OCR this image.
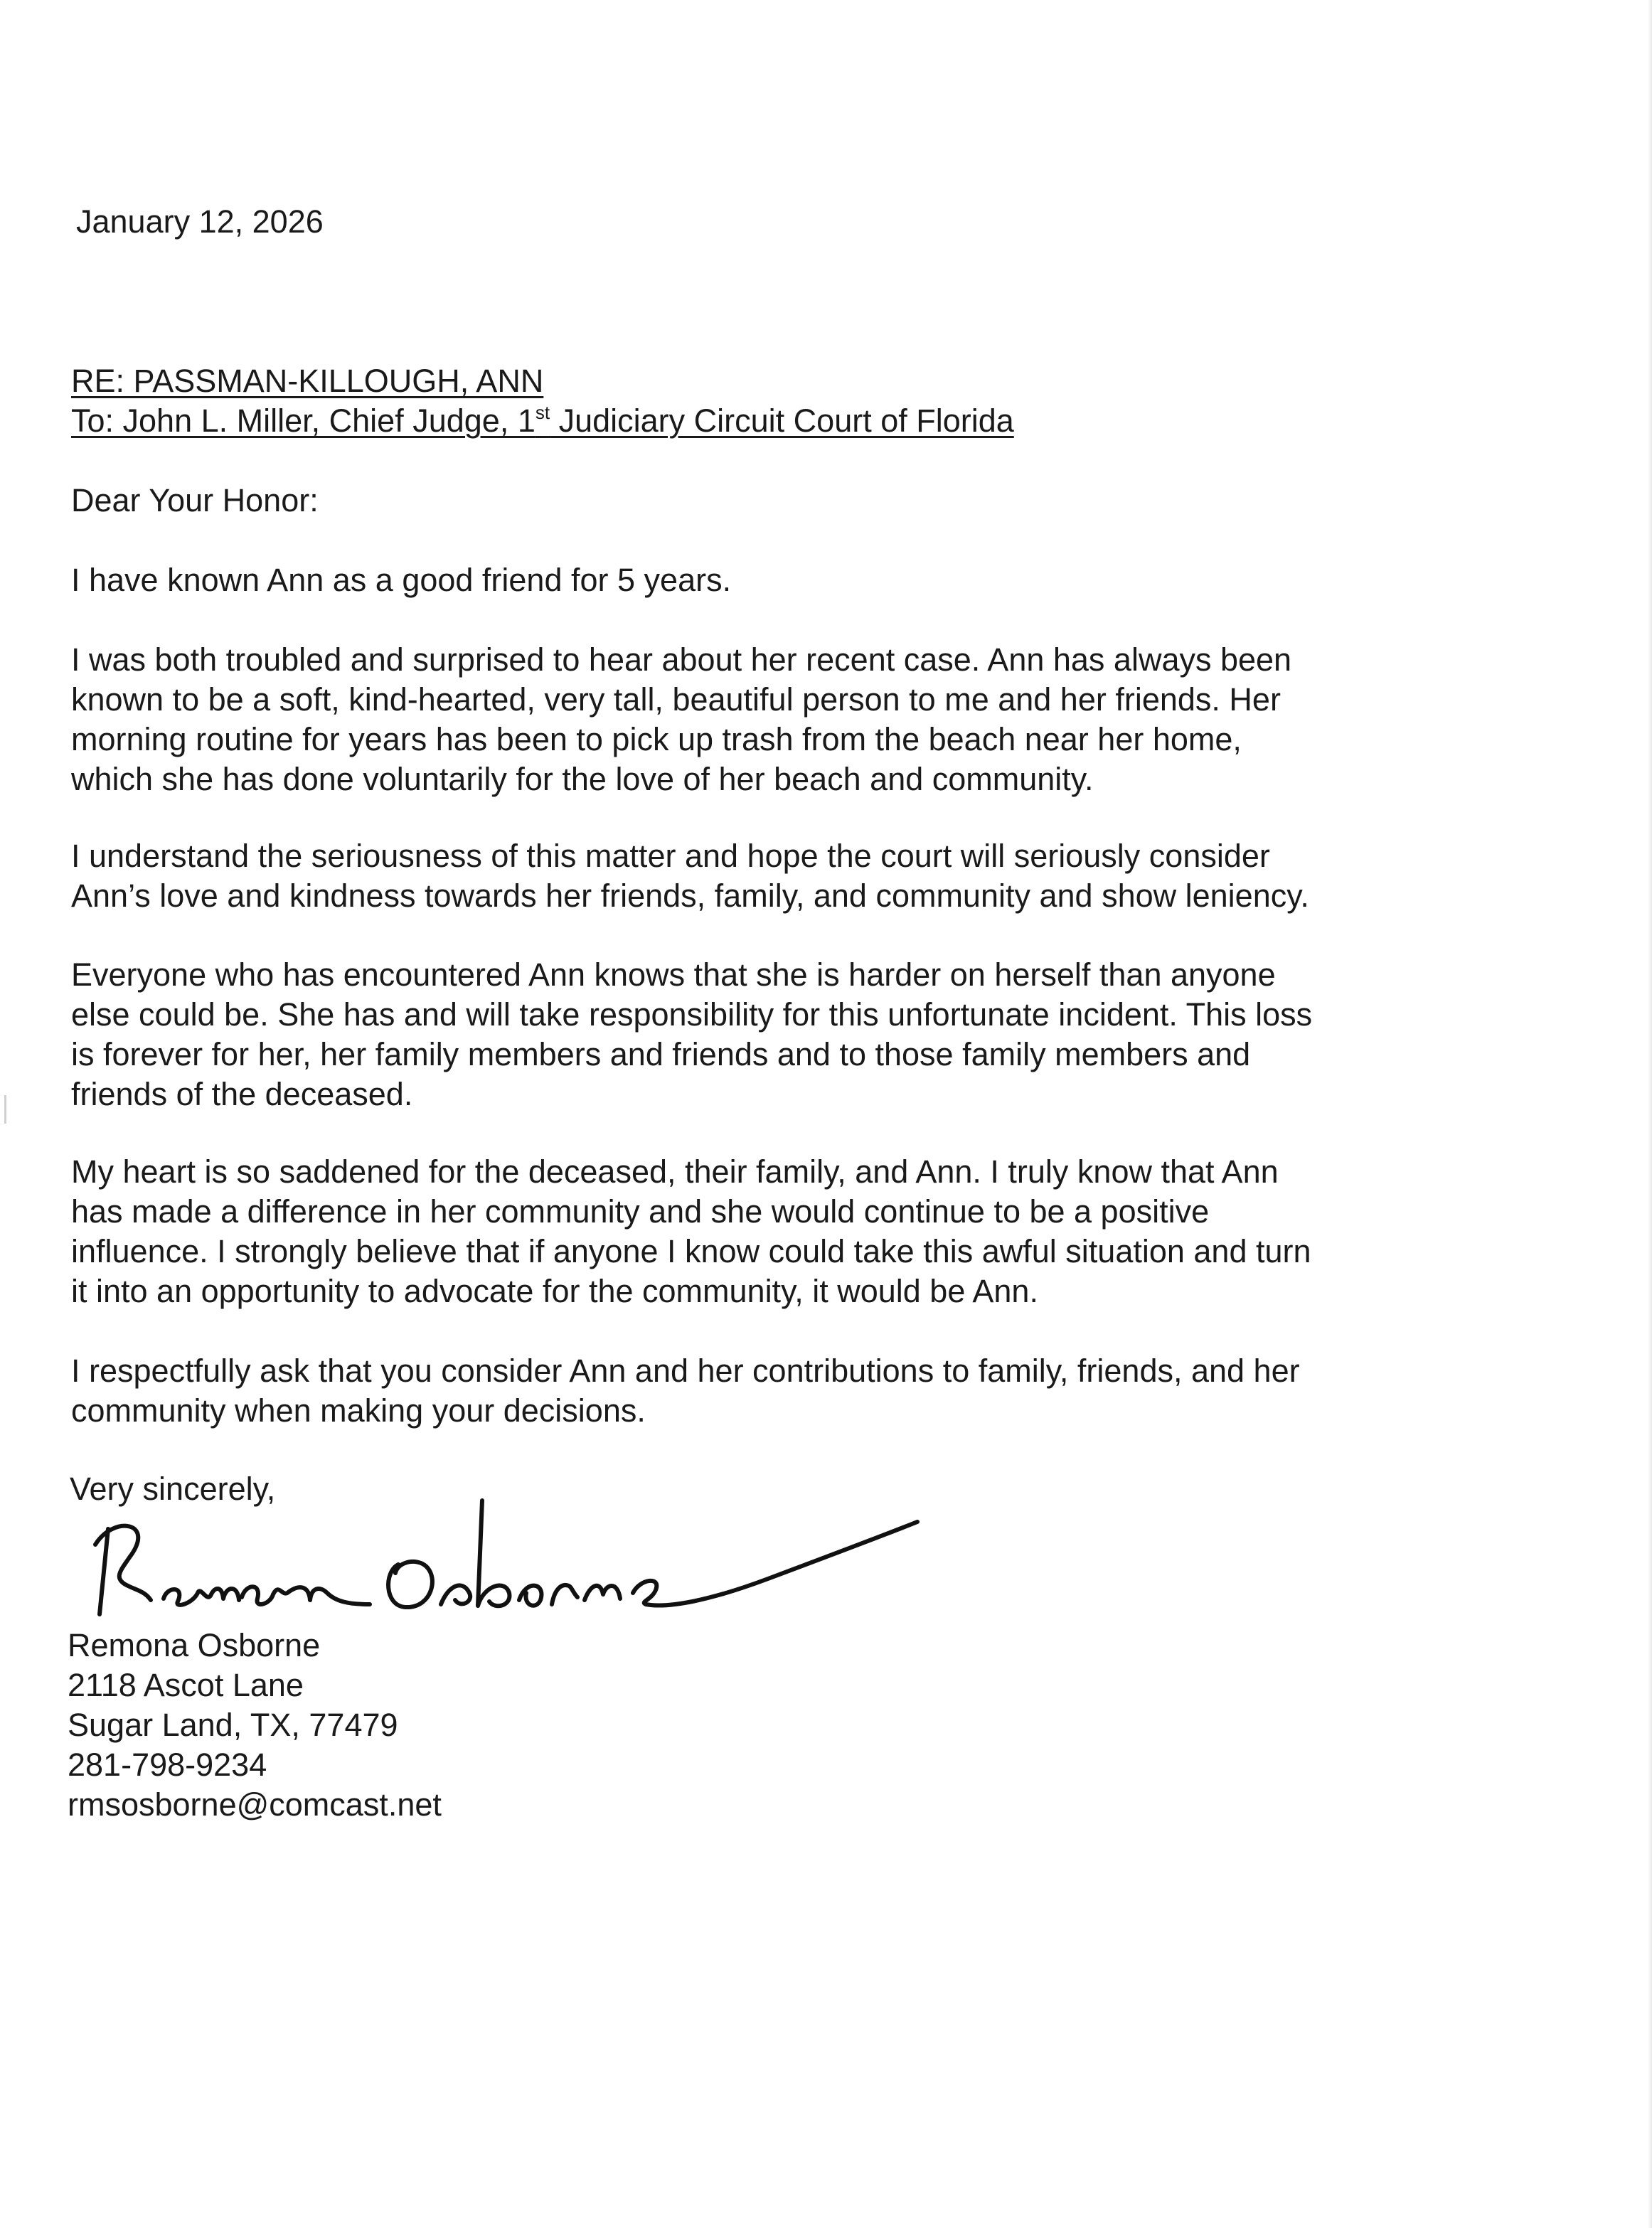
January 12, 2026
RE: PASSMAN-KILLOUGH, ANN
To: John L. Miller, Chief Judge, 1st Judiciary Circuit Court of Florida
Dear Your Honor:
I have known Ann as a good friend for 5 years.
I was both troubled and surprised to hear about her recent case. Ann has always been
known to be a soft, kind-hearted, very tall, beautiful person to me and her friends. Her
morning routine for years has been to pick up trash from the beach near her home,
which she has done voluntarily for the love of her beach and community.
I understand the seriousness of this matter and hope the court will seriously consider
Ann’s love and kindness towards her friends, family, and community and show leniency.
Everyone who has encountered Ann knows that she is harder on herself than anyone
else could be. She has and will take responsibility for this unfortunate incident. This loss
is forever for her, her family members and friends and to those family members and
friends of the deceased.
My heart is so saddened for the deceased, their family, and Ann. I truly know that Ann
has made a difference in her community and she would continue to be a positive
influence. I strongly believe that if anyone I know could take this awful situation and turn
it into an opportunity to advocate for the community, it would be Ann.
I respectfully ask that you consider Ann and her contributions to family, friends, and her
community when making your decisions.
Very sincerely,
Remona Osborne
2118 Ascot Lane
Sugar Land, TX, 77479
281-798-9234
rmsosborne@comcast.net
